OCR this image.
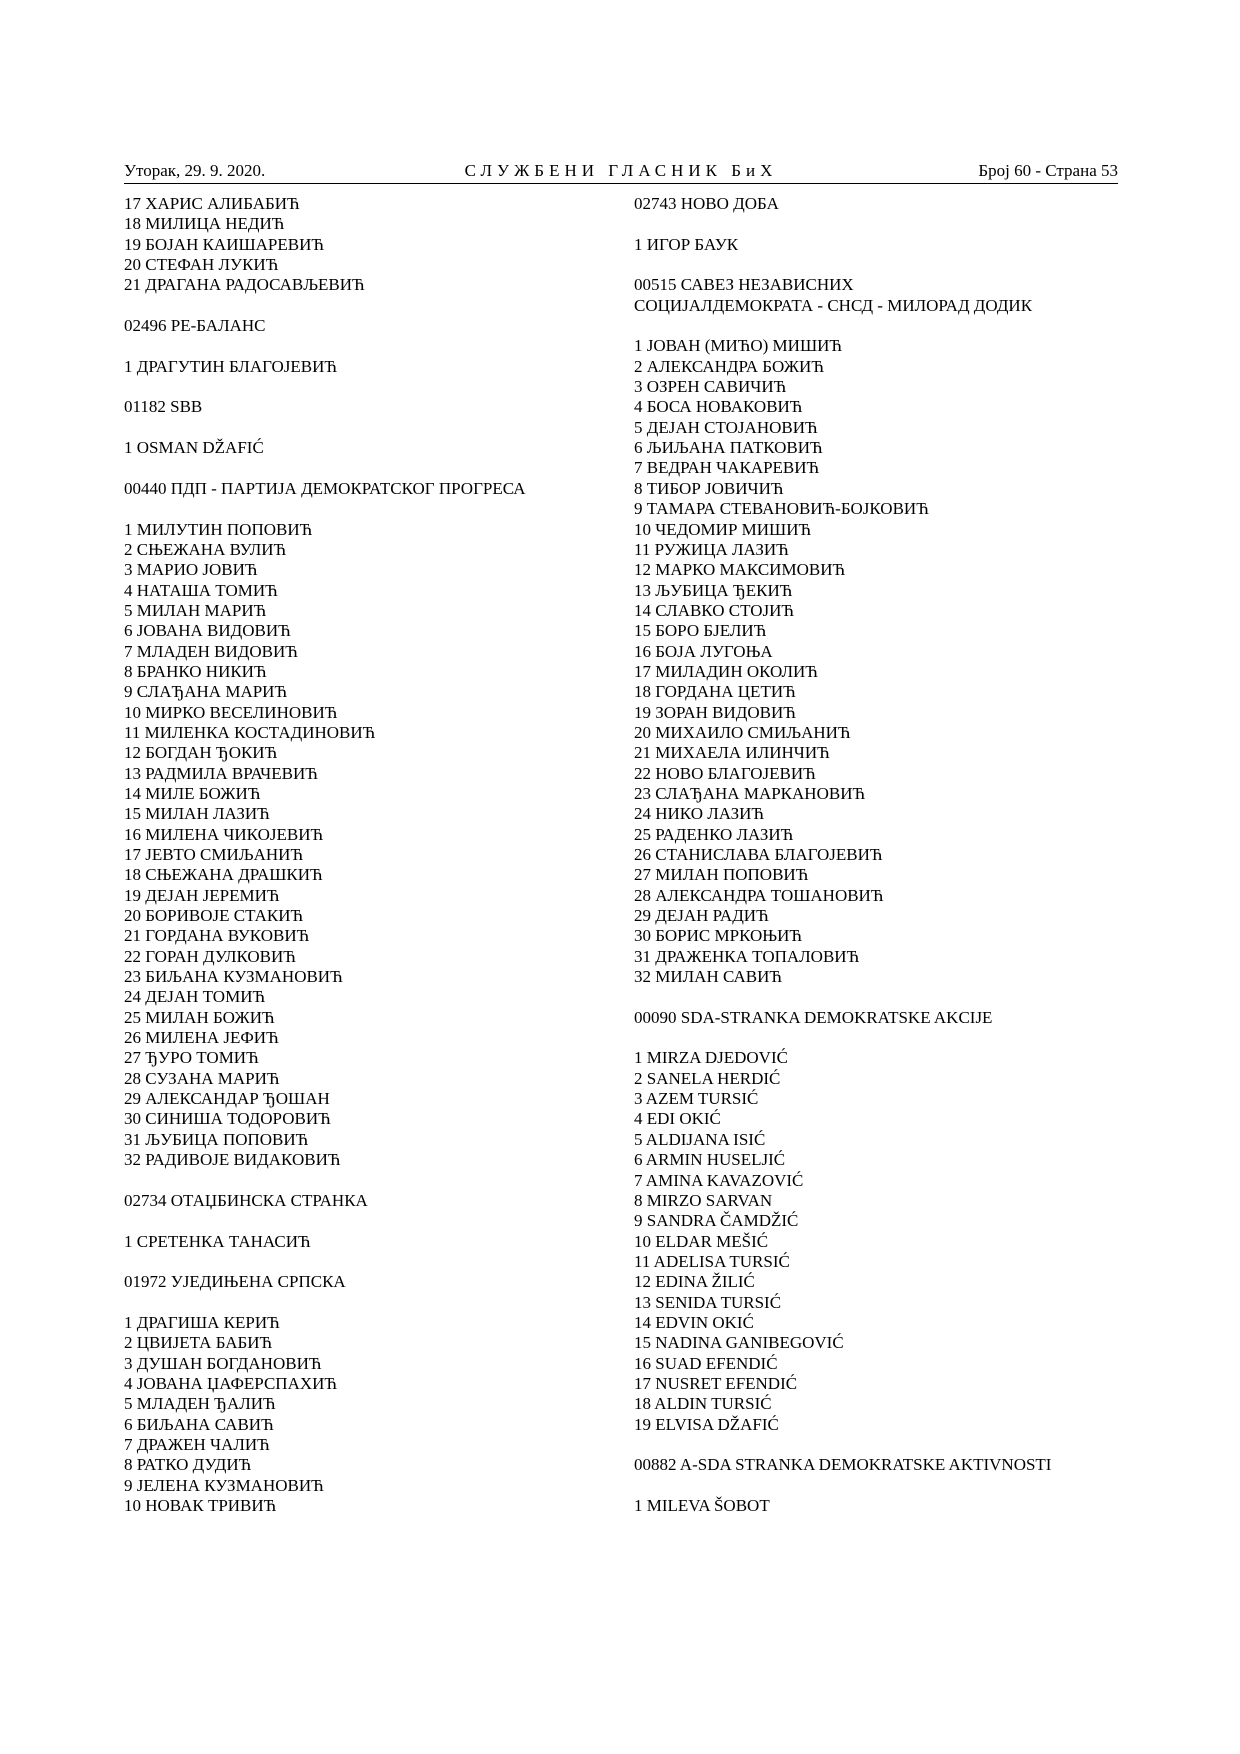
Уторак, 29. 9. 2020.	СЛУЖБЕНИ ГЛАСНИК БиХ	Број 60 - Страна 53
17 ХАРИС АЛИБАБИЋ
18 МИЛИЦА НЕДИЋ
19 БОЈАН КАИШАРЕВИЋ
20 СТЕФАН ЛУКИЋ
21 ДРАГАНА РАДОСАВЉЕВИЋ
02496 РЕ-БАЛАНС
1 ДРАГУТИН БЛАГОЈЕВИЋ
01182 SBB
1 OSMAN DŽAFIĆ
00440 ПДП - ПАРТИЈА ДЕМОКРАТСКОГ ПРОГРЕСА
1 МИЛУТИН ПОПОВИЋ
2 СЊЕЖАНА ВУЛИЋ
3 МАРИО ЈОВИЋ
4 НАТАША ТОМИЋ
5 МИЛАН МАРИЋ
6 ЈОВАНА ВИДОВИЋ
7 МЛАДЕН ВИДОВИЋ
8 БРАНКО НИКИЋ
9 СЛАЂАНА МАРИЋ
10 МИРКО ВЕСЕЛИНОВИЋ
11 МИЛЕНКА КОСТАДИНОВИЋ
12 БОГДАН ЂОКИЋ
13 РАДМИЛА ВРАЧЕВИЋ
14 МИЛЕ БОЖИЋ
15 МИЛАН ЛАЗИЋ
16 МИЛЕНА ЧИКОЈЕВИЋ
17 ЈЕВТО СМИЉАНИЋ
18 СЊЕЖАНА ДРАШКИЋ
19 ДЕЈАН ЈЕРЕМИЋ
20 БОРИВОЈЕ СТАКИЋ
21 ГОРДАНА ВУКОВИЋ
22 ГОРАН ДУЛКОВИЋ
23 БИЉАНА КУЗМАНОВИЋ
24 ДЕЈАН ТОМИЋ
25 МИЛАН БОЖИЋ
26 МИЛЕНА ЈЕФИЋ
27 ЂУРО ТОМИЋ
28 СУЗАНА МАРИЋ
29 АЛЕКСАНДАР ЂОШАН
30 СИНИША ТОДОРОВИЋ
31 ЉУБИЦА ПОПОВИЋ
32 РАДИВОЈЕ ВИДАКОВИЋ
02734 ОТАЏБИНСКА СТРАНКА
1 СРЕТЕНКА ТАНАСИЋ
01972 УЈЕДИЊЕНА СРПСКА
1 ДРАГИША КЕРИЋ
2 ЦВИЈЕТА БАБИЋ
3 ДУШАН БОГДАНОВИЋ
4 ЈОВАНА ЏАФЕРСПАХИЋ
5 МЛАДЕН ЂАЛИЋ
6 БИЉАНА САВИЋ
7 ДРАЖЕН ЧАЛИЋ
8 РАТКО ДУДИЋ
9 ЈЕЛЕНА КУЗМАНОВИЋ
10 НОВАК ТРИВИЋ
02743 НОВО ДОБА
1 ИГОР БАУК
00515 САВЕЗ НЕЗАВИСНИХ
СОЦИЈАЛДЕМОКРАТА - СНСД - МИЛОРАД ДОДИК
1 ЈОВАН (МИЋО) МИШИЋ
2 АЛЕКСАНДРА БОЖИЋ
3 ОЗРЕН САВИЧИЋ
4 БОСА НОВАКОВИЋ
5 ДЕЈАН СТОЈАНОВИЋ
6 ЉИЉАНА ПАТКОВИЋ
7 ВЕДРАН ЧАКАРЕВИЋ
8 ТИБОР ЈОВИЧИЋ
9 ТАМАРА СТЕВАНОВИЋ-БОЈКОВИЋ
10 ЧЕДОМИР МИШИЋ
11 РУЖИЦА ЛАЗИЋ
12 МАРКО МАКСИМОВИЋ
13 ЉУБИЦА ЂЕКИЋ
14 СЛАВКО СТОЈИЋ
15 БОРО БЈЕЛИЋ
16 БОЈА ЛУГОЊА
17 МИЛАДИН ОКОЛИЋ
18 ГОРДАНА ЦЕТИЋ
19 ЗОРАН ВИДОВИЋ
20 МИХАИЛО СМИЉАНИЋ
21 МИХАЕЛА ИЛИНЧИЋ
22 НОВО БЛАГОЈЕВИЋ
23 СЛАЂАНА МАРКАНОВИЋ
24 НИКО ЛАЗИЋ
25 РАДЕНКО ЛАЗИЋ
26 СТАНИСЛАВА БЛАГОЈЕВИЋ
27 МИЛАН ПОПОВИЋ
28 АЛЕКСАНДРА ТОШАНОВИЋ
29 ДЕЈАН РАДИЋ
30 БОРИС МРКОЊИЋ
31 ДРАЖЕНКА ТОПАЛОВИЋ
32 МИЛАН САВИЋ
00090 SDA-STRANKA DEMOKRATSKE AKCIJE
1 MIRZA DJEDOVIĆ
2 SANELA HERDIĆ
3 AZEM TURSIĆ
4 EDI OKIĆ
5 ALDIJANA ISIĆ
6 ARMIN HUSELJIĆ
7 AMINA KAVAZOVIĆ
8 MIRZO SARVAN
9 SANDRA ČAMDŽIĆ
10 ELDAR MEŠIĆ
11 ADELISA TURSIĆ
12 EDINA ŽILIĆ
13 SENIDA TURSIĆ
14 EDVIN OKIĆ
15 NADINA GANIBEGOVIĆ
16 SUAD EFENDIĆ
17 NUSRET EFENDIĆ
18 ALDIN TURSIĆ
19 ELVISA DŽAFIĆ
00882 A-SDA STRANKA DEMOKRATSKE AKTIVNOSTI
1 MILEVA ŠOBOT
